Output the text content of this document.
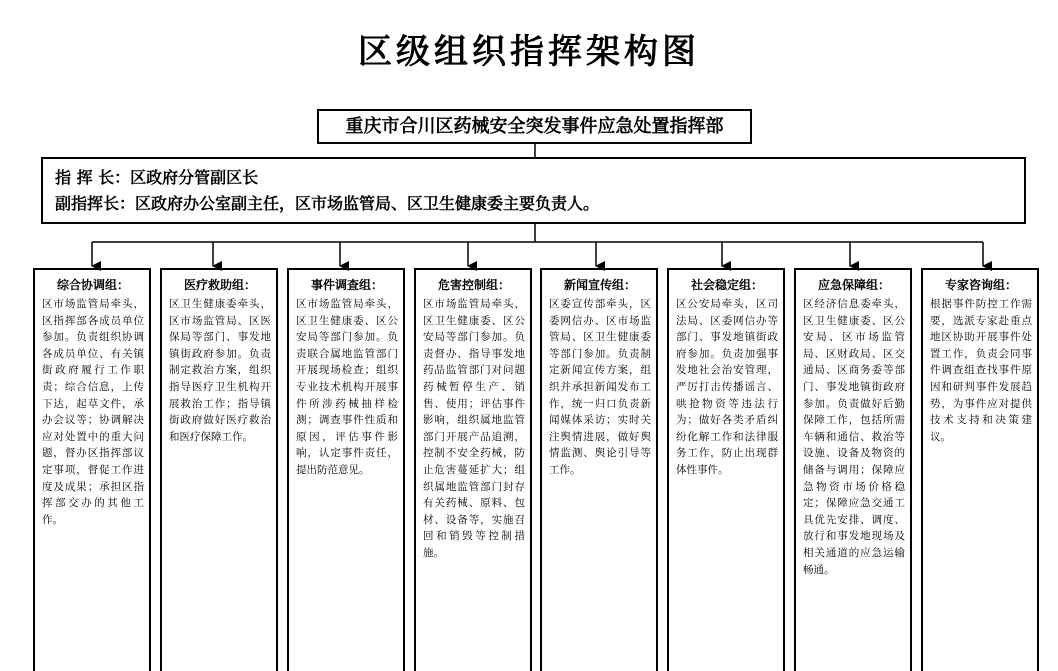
区级组织指挥架构图
重庆市合川区药械安全突发事件应急处置指挥部
指 挥 长：区政府分管副区长
副指挥长：区政府办公室副主任，区市场监管局、区卫生健康委主要负责人。
综合协调组：
区市场监管局牵头，区指挥部各成员单位参加。负责组织协调各成员单位、有关镇街政府履行工作职责；综合信息，上传下达，起草文件，承办会议等；协调解决应对处置中的重大问题，督办区指挥部议定事项，督促工作进度及成果；承担区指挥部交办的其他工作。
医疗救助组：
区卫生健康委牵头，区市场监管局、区医保局等部门、事发地镇街政府参加。负责制定救治方案，组织指导医疗卫生机构开展救治工作；指导镇街政府做好医疗救治和医疗保障工作。
事件调查组：
区市场监管局牵头，区卫生健康委、区公安局等部门参加。负责联合属地监管部门开展现场检查；组织专业技术机构开展事件所涉药械抽样检测；调查事件性质和原因，评估事件影响，认定事件责任，提出防范意见。
危害控制组：
区市场监管局牵头，区卫生健康委、区公安局等部门参加。负责督办、指导事发地药品监管部门对问题药械暂停生产、销售、使用；评估事件影响，组织属地监管部门开展产品追溯，控制不安全药械，防止危害蔓延扩大；组织属地监管部门封存有关药械、原料、包材、设备等，实施召回和销毁等控制措施。
新闻宣传组：
区委宣传部牵头，区委网信办、区市场监管局、区卫生健康委等部门参加。负责制定新闻宣传方案，组织并承担新闻发布工作，统一归口负责新闻媒体采访；实时关注舆情进展，做好舆情监测、舆论引导等工作。
社会稳定组：
区公安局牵头，区司法局、区委网信办等部门、事发地镇街政府参加。负责加强事发地社会治安管理，严厉打击传播谣言、哄抢物资等违法行为；做好各类矛盾纠纷化解工作和法律服务工作，防止出现群体性事件。
应急保障组：
区经济信息委牵头，区卫生健康委、区公安局、区市场监管局、区财政局、区交通局、区商务委等部门、事发地镇街政府参加。负责做好后勤保障工作，包括所需车辆和通信、救治等设施、设备及物资的储备与调用；保障应急物资市场价格稳定；保障应急交通工具优先安排、调度、放行和事发地现场及相关通道的应急运输畅通。
专家咨询组：
根据事件防控工作需要，选派专家赴重点地区协助开展事件处置工作，负责会同事件调查组查找事件原因和研判事件发展趋势，为事件应对提供技术支持和决策建议。
